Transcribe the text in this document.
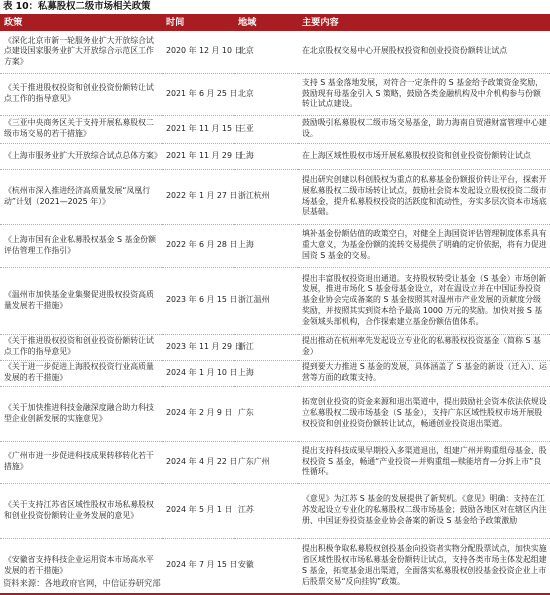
表 10：私募股权二级市场相关政策
政策	时间	地域	主要内容
《深化北京市新一轮服务业扩大开放综合试点建设国家服务业扩大开放综合示范区工作方案》	2020 年 12 月 10 日	北京	在北京股权交易中心开展股权投资和创业投资份额转让试点
《关于推进股权投资和创业投资份额转让试点工作的指导意见》	2021 年 6 月 25 日	北京	支持 S 基金落地发展，对符合一定条件的 S 基金给予政策资金奖励，鼓励现有母基金引入 S 策略，鼓励各类金融机构及中介机构参与份额转让试点建设。
《三亚中央商务区关于支持开展私募股权二级市场交易的若干措施》	2021 年 11 月 15 日	三亚	鼓励吸引私募股权二级市场交易基金，助力海南自贸港财富管理中心建设。
《上海市服务业扩大开放综合试点总体方案》	2021 年 11 月 29 日	上海	在上海区域性股权市场开展私募股权投资和创业投资份额转让试点
《杭州市深入推进经济高质量发展“凤凰行动”计划（2021—2025 年）》	2022 年 1 月 27 日	浙江杭州	提出研究创建以科创股权为重点的私募基金份额报价转让平台，探索开展私募股权二级市场转让试点，鼓励社会资本发起设立股权投资二级市场基金，提升私募股权投资的活跃度和流动性，夯实多层次资本市场底层基础。
《上海市国有企业私募股权基金 S 基金份额评估管理工作指引》	2022 年 6 月 28 日	上海	填补基金份额估值的政策空白，对健全上海国资评估管理制度体系具有重大意义，为基金份额的流转交易提供了明确的定价依据，将有力促进国资 S 基金的交易。
《温州市加快基金业集聚促进股权投资高质量发展若干措施》	2023 年 6 月 15 日	浙江温州	提出丰富股权投资退出通道。支持股权转受让基金（S 基金）市场创新发展，推进市场化 S 基金母基金设立，对在温设立并在中国证券投资基金业协会完成备案的 S 基金按照其对温州市产业发展的贡献度分级奖励，并按照其实到资本给予最高 1000 万元的奖励。加快对接 S 基金领域头部机构，合作探索建立基金份额估值体系。
《关于推进股权投资和创业投资份额转让试点工作的指导意见》	2023 年 11 月 29 日	浙江	提出推动在杭州率先发起设立专业化的私募股权投资基金（简称 S 基金）
《关于进一步促进上海股权投资行业高质量发展的若干措施》	2024 年 1 月 10 日	上海	提到要大力推进 S 基金的发展，具体涵盖了 S 基金的新设（迁入）、运营等方面的政策支持。
《关于加快推进科技金融深度融合助力科技型企业创新发展的实施意见》	2024 年 2 月 9 日	广东	拓宽创业投资的资金来源和退出渠道中，提出鼓励社会资本依法依规设立私募股权二级市场基金（S 基金），支持广东区域性股权市场开展股权投资和创业投资份额转让试点，畅通创业投资退出渠道。
《广州市进一步促进科技成果转移转化若干措施》	2024 年 4 月 22 日	广东广州	提出支持科技成果早期投入多渠道退出，组建广州并购重组母基金、股权投资 S 基金，畅通“产业投资—并购重组—赎能培育—分拆上市”良性循环。
《关于支持江苏省区域性股权市场私募股权和创业投资份额转让业务发展的意见》	2024 年 5 月 1 日	江苏	《意见》为江苏 S 基金的发展提供了新契机。《意见》明确：支持在江苏发起设立专业化的私募股权二级市场基金；鼓励各地区对在辖区内注册、中国证券投资基金业协会备案的新设 S 基金给予政策激励
《安徽省支持科技企业运用资本市场高水平发展的若干措施》	2024 年 7 月 15 日	安徽	提出积极争取私募股权创投基金向投资者实物分配股票试点，加快实施省区域性股权市场私募基金份额转让试点，支持各类市场主体发起组建 S 基金，拓宽基金退出渠道，全面落实私募股权创投基金投资企业上市后股票交易“反向挂钩”政策。
资料来源：各地政府官网，中信证券研究部
